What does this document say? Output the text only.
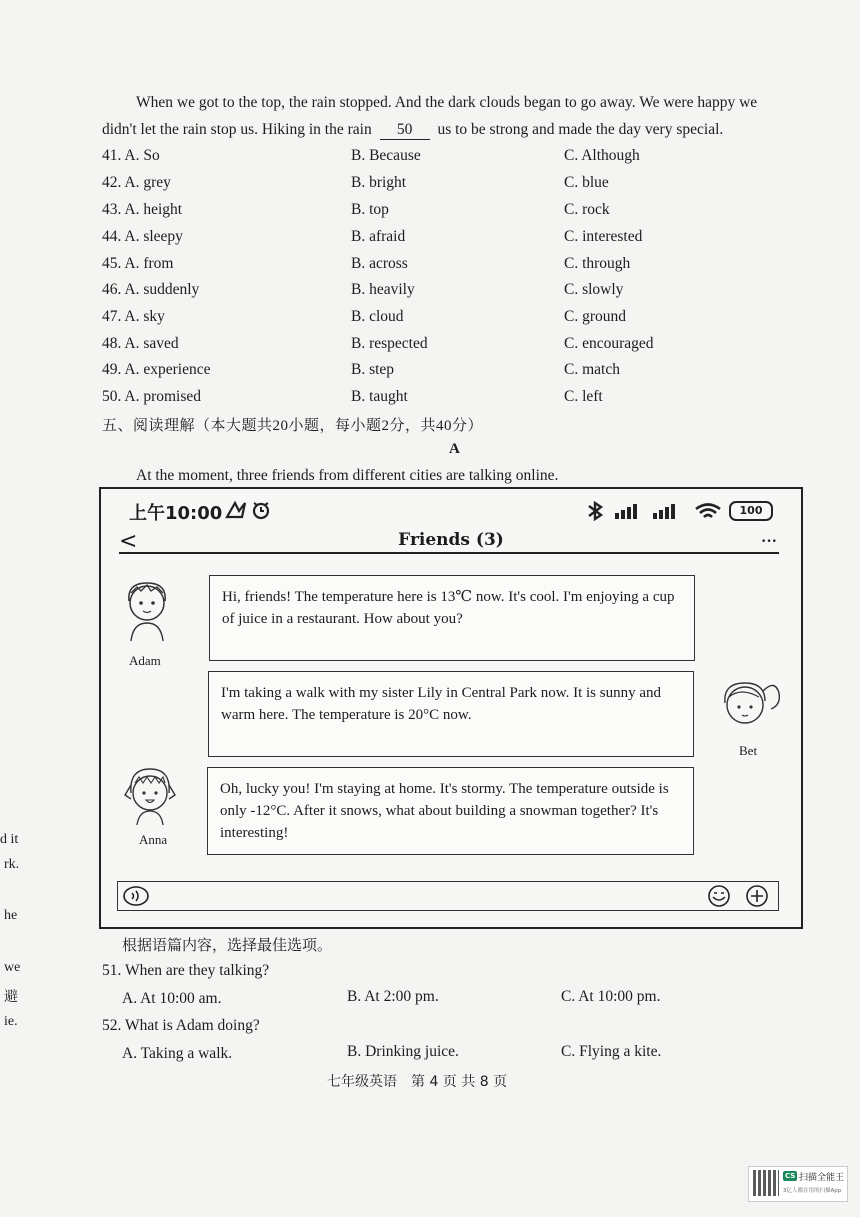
When we got to the top, the rain stopped. And the dark clouds began to go away. We were happy we
didn't let the rain stop us. Hiking in the rain 50 us to be strong and made the day very special.
41. A. So	B. Because	C. Although
42. A. grey	B. bright	C. blue
43. A. height	B. top	C. rock
44. A. sleepy	B. afraid	C. interested
45. A. from	B. across	C. through
46. A. suddenly	B. heavily	C. slowly
47. A. sky	B. cloud	C. ground
48. A. saved	B. respected	C. encouraged
49. A. experience	B. step	C. match
50. A. promised	B. taught	C. left
五、阅读理解（本大题共20小题，每小题2分，共40分）
A
At the moment, three friends from different cities are talking online.
上午10:00	100
<	Friends (3)	···
Adam
Hi, friends! The temperature here is 13℃ now. It's cool. I'm enjoying a cup of juice in a restaurant. How about you?
I'm taking a walk with my sister Lily in Central Park now. It is sunny and warm here. The temperature is 20°C now.
Bet
Anna
Oh, lucky you! I'm staying at home. It's stormy. The temperature outside is only -12°C. After it snows, what about building a snowman together? It's interesting!
根据语篇内容，选择最佳选项。
51. When are they talking?
A. At 10:00 am.	B. At 2:00 pm.	C. At 10:00 pm.
52. What is Adam doing?
A. Taking a walk.	B. Drinking juice.	C. Flying a kite.
七年级英语　第 4 页 共 8 页
d it
rk.
he
we
避
ie.
CS 扫描全能王
3亿人都在用的扫描App
